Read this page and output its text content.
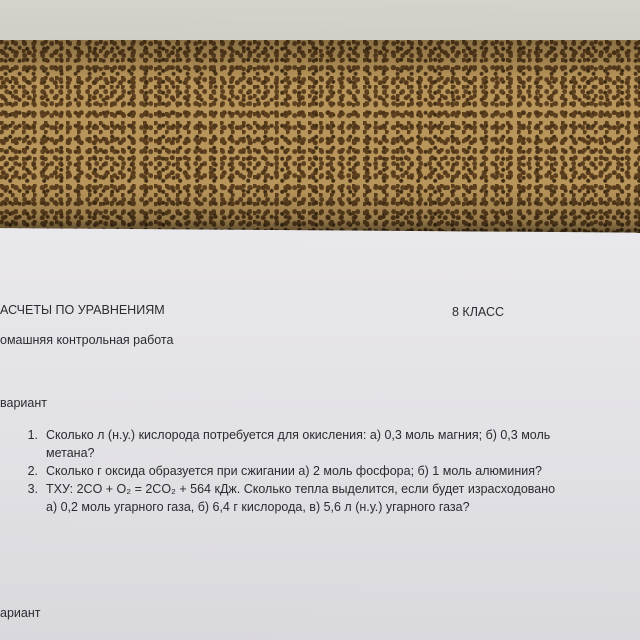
АСЧЕТЫ ПО УРАВНЕНИЯМ	8 КЛАСС
омашняя контрольная работа
вариант
1. Сколько л (н.у.) кислорода потребуется для окисления: а) 0,3 моль магния; б) 0,3 моль
метана?
2. Сколько г оксида образуется при сжигании а) 2 моль фосфора; б) 1 моль алюминия?
3. ТХУ: 2CO + O₂ = 2CO₂ + 564 кДж. Сколько тепла выделится, если будет израсходовано
а) 0,2 моль угарного газа, б) 6,4 г кислорода, в) 5,6 л (н.у.) угарного газа?
ариант
